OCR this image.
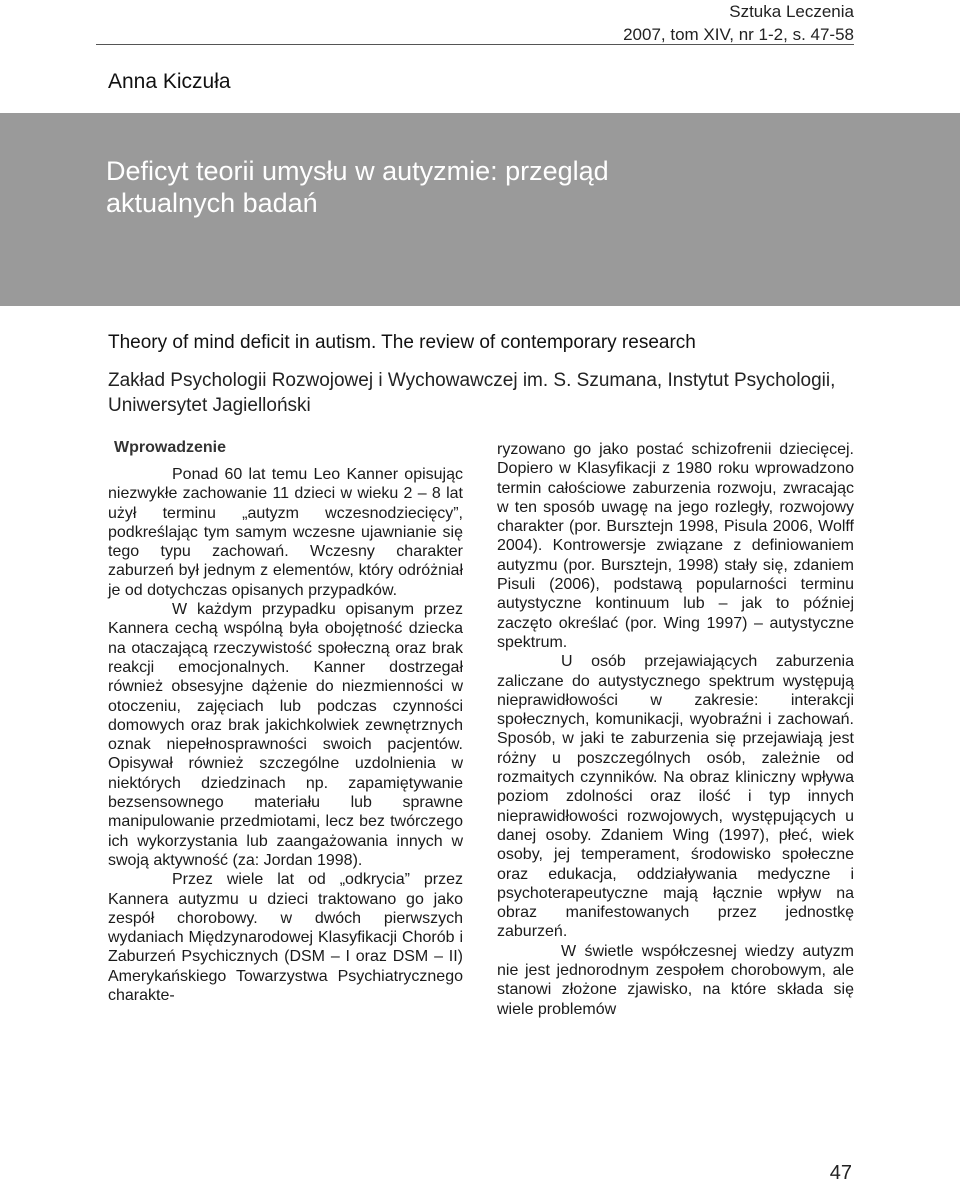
Sztuka Leczenia
2007, tom XIV, nr 1-2, s. 47-58
Anna Kiczuła
Deficyt teorii umysłu w autyzmie: przegląd aktualnych badań
Theory of mind deficit in autism. The review of contemporary research
Zakład Psychologii Rozwojowej i Wychowawczej im. S. Szumana, Instytut Psychologii, Uniwersytet Jagielloński
Wprowadzenie

Ponad 60 lat temu Leo Kanner opisując niezwykłe zachowanie 11 dzieci w wieku 2 – 8 lat użył terminu „autyzm wczesnodziecięcy”, podkreślając tym samym wczesne ujawnianie się tego typu zachowań. Wczesny charakter zaburzeń był jednym z elementów, który odróżniał je od dotychczas opisanych przypadków.

W każdym przypadku opisanym przez Kannera cechą wspólną była obojętność dziecka na otaczającą rzeczywistość społeczną oraz brak reakcji emocjonalnych. Kanner dostrzegał również obsesyjne dążenie do niezmienności w otoczeniu, zajęciach lub podczas czynności domowych oraz brak jakichkolwiek zewnętrznych oznak niepełnosprawności swoich pacjentów. Opisywał również szczególne uzdolnienia w niektórych dziedzinach np. zapamiętywanie bezsensownego materiału lub sprawne manipulowanie przedmiotami, lecz bez twórczego ich wykorzystania lub zaangażowania innych w swoją aktywność (za: Jordan 1998).

Przez wiele lat od „odkrycia” przez Kannera autyzmu u dzieci traktowano go jako zespół chorobowy. w dwóch pierwszych wydaniach Międzynarodowej Klasyfikacji Chorób i Zaburzeń Psychicznych (DSM – I oraz DSM – II) Amerykańskiego Towarzystwa Psychiatrycznego charakte-

ryzowano go jako postać schizofrenii dziecięcej. Dopiero w Klasyfikacji z 1980 roku wprowadzono termin całościowe zaburzenia rozwoju, zwracając w ten sposób uwagę na jego rozległy, rozwojowy charakter (por. Bursztejn 1998, Pisula 2006, Wolff 2004). Kontrowersje związane z definiowaniem autyzmu (por. Bursztejn, 1998) stały się, zdaniem Pisuli (2006), podstawą popularności terminu autystyczne kontinuum lub – jak to później zaczęto określać (por. Wing 1997) – autystyczne spektrum.

U osób przejawiających zaburzenia zaliczane do autystycznego spektrum występują nieprawidłowości w zakresie: interakcji społecznych, komunikacji, wyobraźni i zachowań. Sposób, w jaki te zaburzenia się przejawiają jest różny u poszczególnych osób, zależnie od rozmaitych czynników. Na obraz kliniczny wpływa poziom zdolności oraz ilość i typ innych nieprawidłowości rozwojowych, występujących u danej osoby. Zdaniem Wing (1997), płeć, wiek osoby, jej temperament, środowisko społeczne oraz edukacja, oddziaływania medyczne i psychoterapeutyczne mają łącznie wpływ na obraz manifestowanych przez jednostkę zaburzeń.

W świetle współczesnej wiedzy autyzm nie jest jednorodnym zespołem chorobowym, ale stanowi złożone zjawisko, na które składa się wiele problemów

47
